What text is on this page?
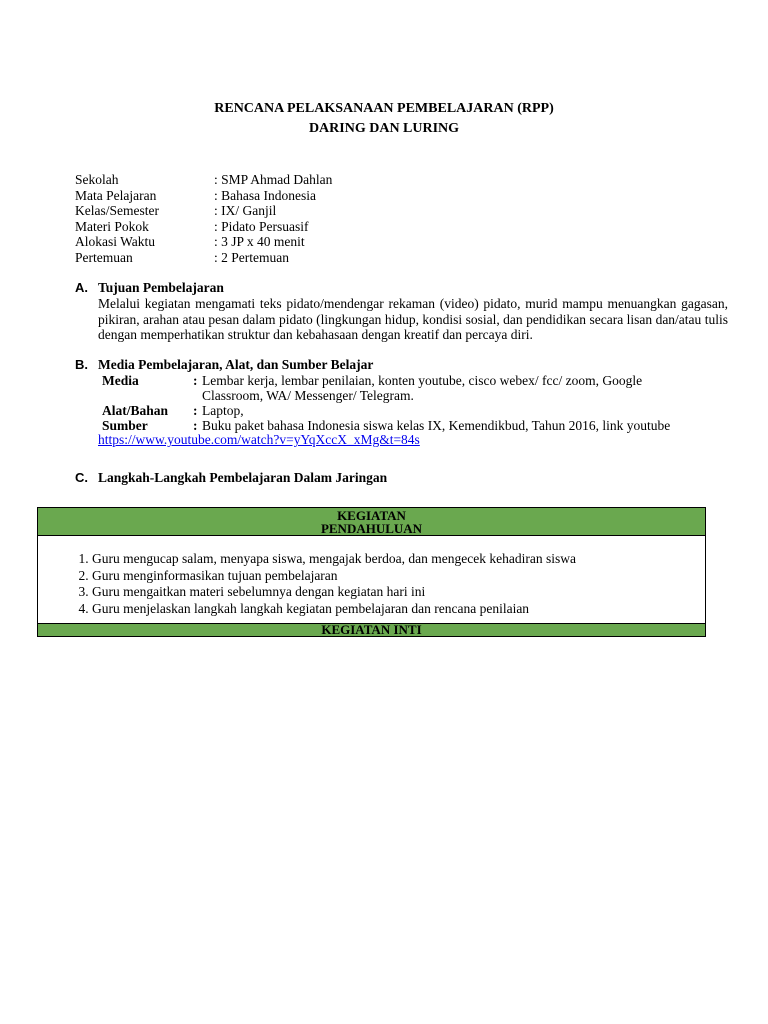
RENCANA PELAKSANAAN PEMBELAJARAN (RPP)
DARING DAN LURING
Sekolah	: SMP Ahmad Dahlan
Mata Pelajaran	: Bahasa Indonesia
Kelas/Semester	: IX/ Ganjil
Materi Pokok	: Pidato Persuasif
Alokasi Waktu	: 3 JP x 40 menit
Pertemuan	: 2 Pertemuan
A. Tujuan Pembelajaran
Melalui kegiatan mengamati teks pidato/mendengar rekaman (video) pidato, murid mampu menuangkan gagasan, pikiran, arahan atau pesan dalam pidato (lingkungan hidup, kondisi sosial, dan pendidikan secara lisan dan/atau tulis dengan memperhatikan struktur dan kebahasaan dengan kreatif dan percaya diri.
B. Media Pembelajaran, Alat, dan Sumber Belajar
Media	: Lembar kerja, lembar penilaian, konten youtube, cisco webex/ fcc/ zoom, Google Classroom, WA/ Messenger/ Telegram.
Alat/Bahan	: Laptop,
Sumber	: Buku paket bahasa Indonesia siswa kelas IX, Kemendikbud, Tahun 2016, link youtube
https://www.youtube.com/watch?v=yYqXccX_xMg&t=84s
C. Langkah-Langkah Pembelajaran Dalam Jaringan
KEGIATAN
PENDAHULUAN

1. Guru mengucap salam, menyapa siswa, mengajak berdoa, dan mengecek kehadiran siswa
2. Guru menginformasikan tujuan pembelajaran
3. Guru mengaitkan materi sebelumnya dengan kegiatan hari ini
4. Guru menjelaskan langkah langkah kegiatan pembelajaran dan rencana penilaian

KEGIATAN INTI
